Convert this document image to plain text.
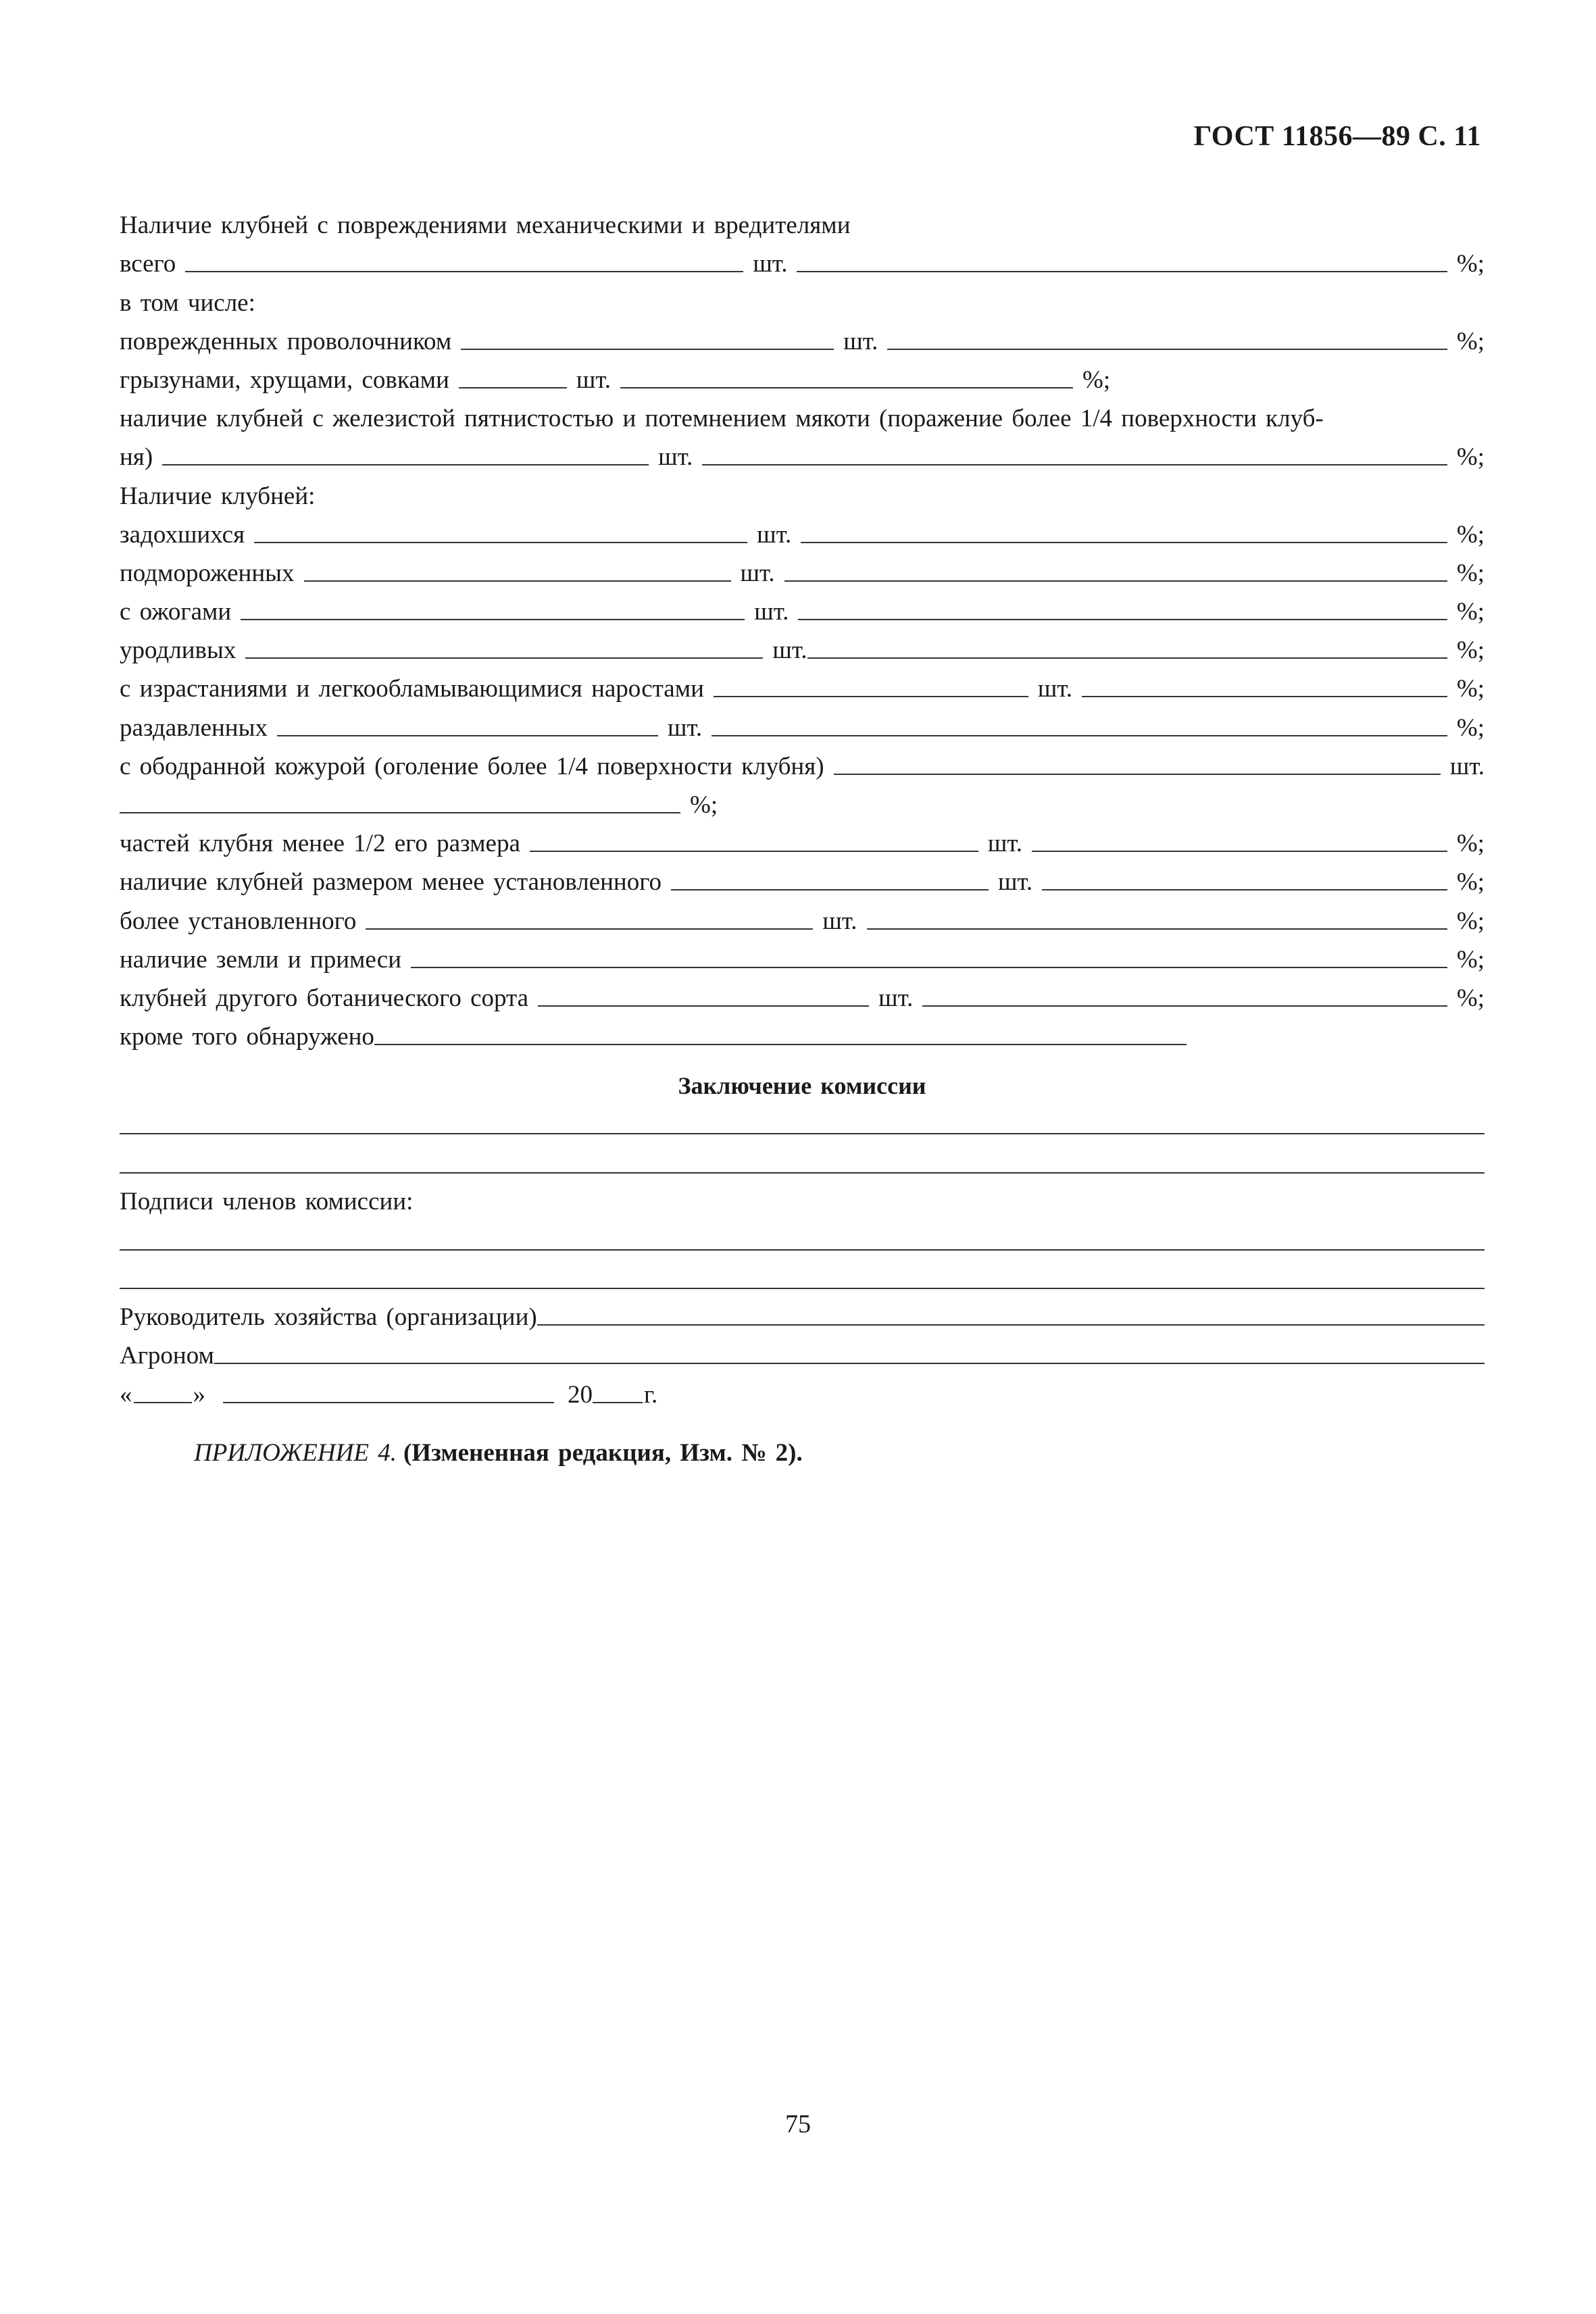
ГОСТ 11856—89 С. 11
Наличие клубней с повреждениями механическими и вредителями
всего	шт.	%;
в том числе:
поврежденных проволочником	шт.	%;
грызунами, хрущами, совками	шт.	%;
наличие клубней с железистой пятнистостью и потемнением мякоти (поражение более 1/4 поверхности клуб-
ня)	шт.	%;
Наличие клубней:
задохшихся	шт.	%;
подмороженных	шт.	%;
с ожогами	шт.	%;
уродливых	шт.	%;
с израстаниями и легкообламывающимися наростами	шт.	%;
раздавленных	шт.	%;
с ободранной кожурой (оголение более 1/4 поверхности клубня)	шт.
%;
частей клубня менее 1/2 его размера	шт.	%;
наличие клубней размером менее установленного	шт.	%;
более установленного	шт.	%;
наличие земли и примеси	%;
клубней другого ботанического сорта	шт.	%;
кроме того обнаружено
Заключение комиссии
Подписи членов комиссии:
Руководитель хозяйства (организации)
Агроном
« »	20 г.
ПРИЛОЖЕНИЕ 4. (Измененная редакция, Изм. № 2).
75
